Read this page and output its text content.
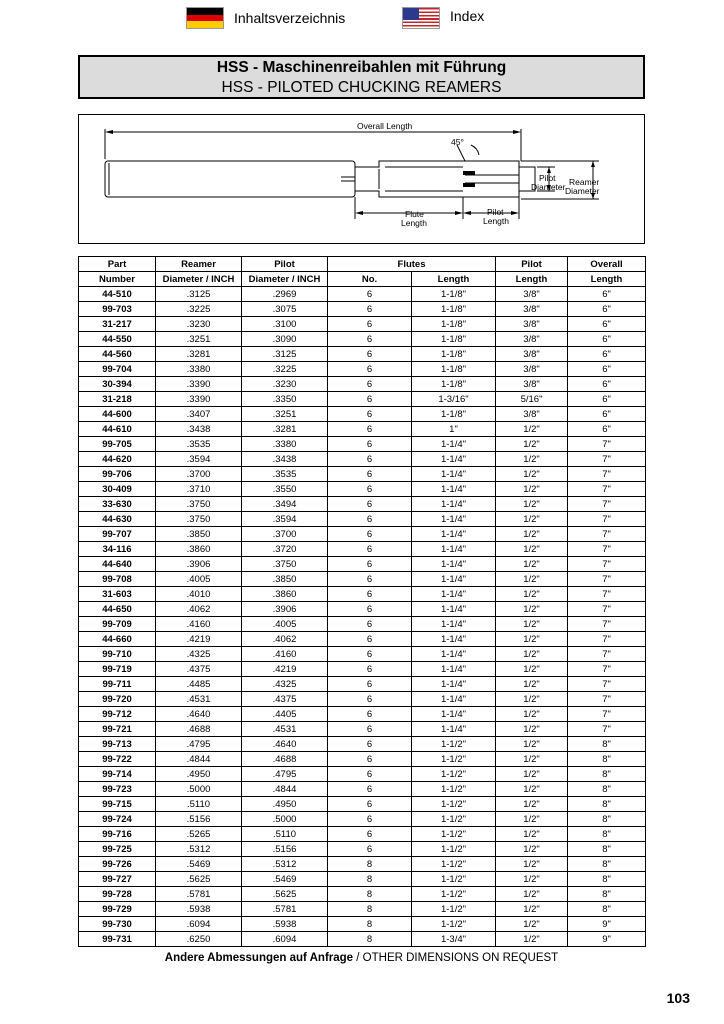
Inhaltsverzeichnis	Index
HSS - Maschinenreibahlen mit Führung
HSS - PILOTED CHUCKING REAMERS
Overall Length
45°
Pilot
Diameter Reamer
Diameter
Flute
Length
Pilot
Length
Part	Reamer	Pilot	Flutes		Pilot	Overall
Number	Diameter / INCH	Diameter / INCH	No.	Length	Length	Length
44-510	.3125	.2969	6	1-1/8"	3/8"	6"
99-703	.3225	.3075	6	1-1/8"	3/8"	6"
31-217	.3230	.3100	6	1-1/8"	3/8"	6"
44-550	.3251	.3090	6	1-1/8"	3/8"	6"
44-560	.3281	.3125	6	1-1/8"	3/8"	6"
99-704	.3380	.3225	6	1-1/8"	3/8"	6"
30-394	.3390	.3230	6	1-1/8"	3/8"	6"
31-218	.3390	.3350	6	1-3/16"	5/16"	6"
44-600	.3407	.3251	6	1-1/8"	3/8"	6"
44-610	.3438	.3281	6	1"	1/2"	6"
99-705	.3535	.3380	6	1-1/4"	1/2"	7"
44-620	.3594	.3438	6	1-1/4"	1/2"	7"
99-706	.3700	.3535	6	1-1/4"	1/2"	7"
30-409	.3710	.3550	6	1-1/4"	1/2"	7"
33-630	.3750	.3494	6	1-1/4"	1/2"	7"
44-630	.3750	.3594	6	1-1/4"	1/2"	7"
99-707	.3850	.3700	6	1-1/4"	1/2"	7"
34-116	.3860	.3720	6	1-1/4"	1/2"	7"
44-640	.3906	.3750	6	1-1/4"	1/2"	7"
99-708	.4005	.3850	6	1-1/4"	1/2"	7"
31-603	.4010	.3860	6	1-1/4"	1/2"	7"
44-650	.4062	.3906	6	1-1/4"	1/2"	7"
99-709	.4160	.4005	6	1-1/4"	1/2"	7"
44-660	.4219	.4062	6	1-1/4"	1/2"	7"
99-710	.4325	.4160	6	1-1/4"	1/2"	7"
99-719	.4375	.4219	6	1-1/4"	1/2"	7"
99-711	.4485	.4325	6	1-1/4"	1/2"	7"
99-720	.4531	.4375	6	1-1/4"	1/2"	7"
99-712	.4640	.4405	6	1-1/4"	1/2"	7"
99-721	.4688	.4531	6	1-1/4"	1/2"	7"
99-713	.4795	.4640	6	1-1/2"	1/2"	8"
99-722	.4844	.4688	6	1-1/2"	1/2"	8"
99-714	.4950	.4795	6	1-1/2"	1/2"	8"
99-723	.5000	.4844	6	1-1/2"	1/2"	8"
99-715	.5110	.4950	6	1-1/2"	1/2"	8"
99-724	.5156	.5000	6	1-1/2"	1/2"	8"
99-716	.5265	.5110	6	1-1/2"	1/2"	8"
99-725	.5312	.5156	6	1-1/2"	1/2"	8"
99-726	.5469	.5312	8	1-1/2"	1/2"	8"
99-727	.5625	.5469	8	1-1/2"	1/2"	8"
99-728	.5781	.5625	8	1-1/2"	1/2"	8"
99-729	.5938	.5781	8	1-1/2"	1/2"	8"
99-730	.6094	.5938	8	1-1/2"	1/2"	9"
99-731	.6250	.6094	8	1-3/4"	1/2"	9"
Andere Abmessungen auf Anfrage / OTHER DIMENSIONS ON REQUEST
103
